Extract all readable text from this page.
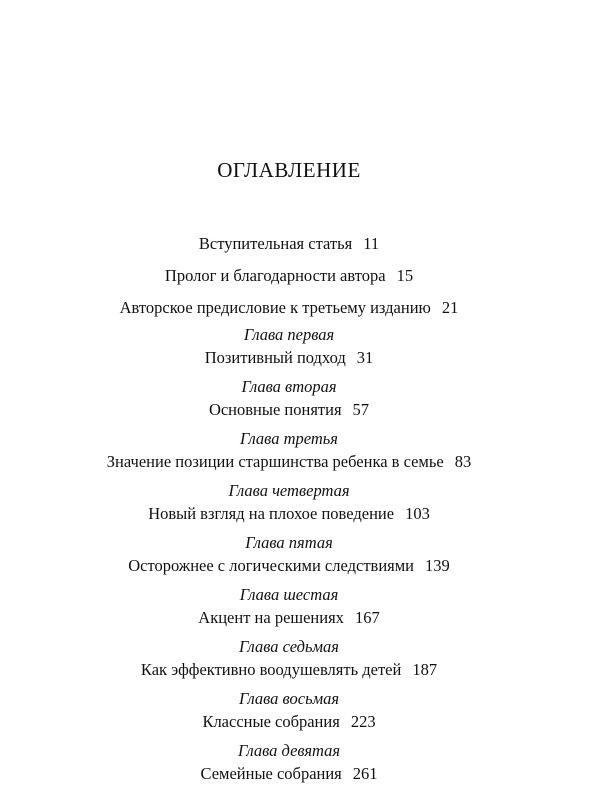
ОГЛАВЛЕНИЕ
Вступительная статья 11
Пролог и благодарности автора 15
Авторское предисловие к третьему изданию 21
Глава первая
Позитивный подход 31
Глава вторая
Основные понятия 57
Глава третья
Значение позиции старшинства ребенка в семье 83
Глава четвертая
Новый взгляд на плохое поведение 103
Глава пятая
Осторожнее с логическими следствиями 139
Глава шестая
Акцент на решениях 167
Глава седьмая
Как эффективно воодушевлять детей 187
Глава восьмая
Классные собрания 223
Глава девятая
Семейные собрания 261
